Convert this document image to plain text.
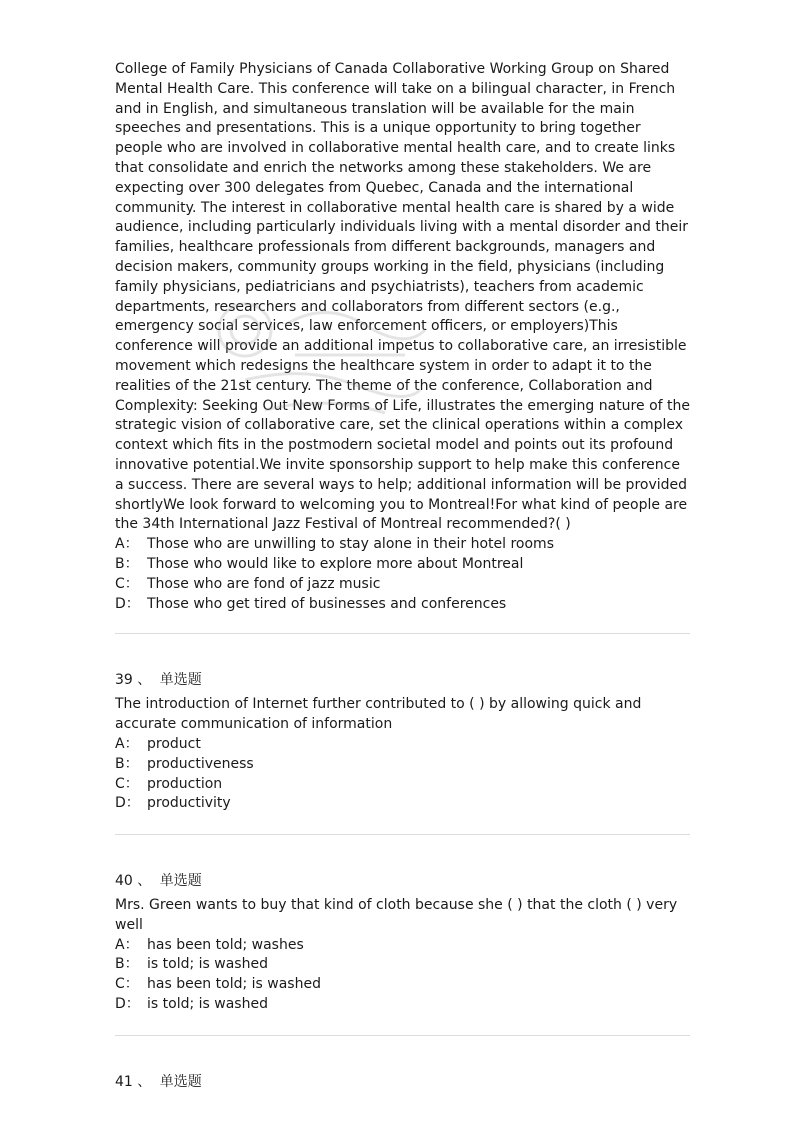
College of Family Physicians of Canada Collaborative Working Group on Shared Mental Health Care. This conference will take on a bilingual character, in French and in English, and simultaneous translation will be available for the main speeches and presentations. This is a unique opportunity to bring together people who are involved in collaborative mental health care, and to create links that consolidate and enrich the networks among these stakeholders. We are expecting over 300 delegates from Quebec, Canada and the international community. The interest in collaborative mental health care is shared by a wide audience, including particularly individuals living with a mental disorder and their families, healthcare professionals from different backgrounds, managers and decision makers, community groups working in the field, physicians (including family physicians, pediatricians and psychiatrists), teachers from academic departments, researchers and collaborators from different sectors (e.g., emergency social services, law enforcement officers, or employers)This conference will provide an additional impetus to collaborative care, an irresistible movement which redesigns the healthcare system in order to adapt it to the realities of the 21st century. The theme of the conference, Collaboration and Complexity: Seeking Out New Forms of Life, illustrates the emerging nature of the strategic vision of collaborative care, set the clinical operations within a complex context which fits in the postmodern societal model and points out its profound innovative potential.We invite sponsorship support to help make this conference a success. There are several ways to help; additional information will be provided shortlyWe look forward to welcoming you to Montreal!For what kind of people are the 34th International Jazz Festival of Montreal recommended?( )

A： Those who are unwilling to stay alone in their hotel rooms
B： Those who would like to explore more about Montreal
C： Those who are fond of jazz music
D： Those who get tired of businesses and conferences
39 、 单选题

The introduction of Internet further contributed to ( ) by allowing quick and accurate communication of information

A： product
B： productiveness
C： production
D： productivity
40 、 单选题

Mrs. Green wants to buy that kind of cloth because she ( ) that the cloth ( ) very well

A： has been told; washes
B： is told; is washed
C： has been told; is washed
D： is told; is washed
41 、 单选题
